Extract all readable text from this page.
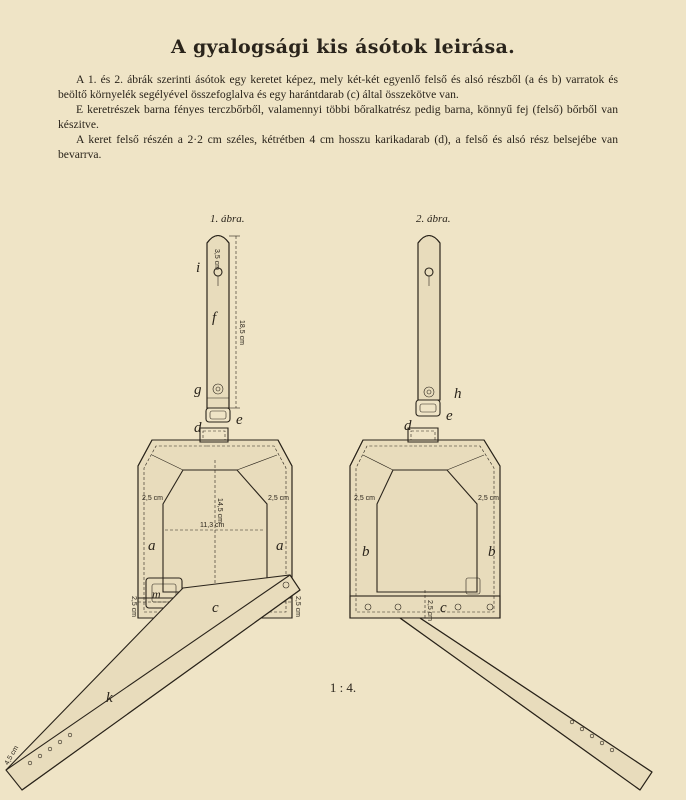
A gyalogsági kis ásótok leirása.

A 1. és 2. ábrák szerinti ásótok egy keretet képez, mely két-két egyenlő felső és alsó részből (a és b) varratok és beöltő környelék segélyével összefoglalva és egy harántdarab (c) által összekötve van.

E keretrészek barna fényes terczbőrből, valamennyi többi bőralkatrész pedig barna, könnyű fej (felső) bőrből van készitve.

A keret felső részén a 2·2 cm széles, kétrétben 4 cm hosszu karikadarab (d), a felső és alsó rész belsejébe van bevarrva.

1. ábra.	2. ábra.
i
f
g
d e
a	a
c
m
k
h
d
e
b	b
c
3,5 cm
18,5 cm
2,5 cm	2,5 cm
14,5 cm
11,3 cm
2,5 cm	2,5 cm
4,5 cm
2,5 cm	2,5 cm
2,5 cm
1 : 4.
